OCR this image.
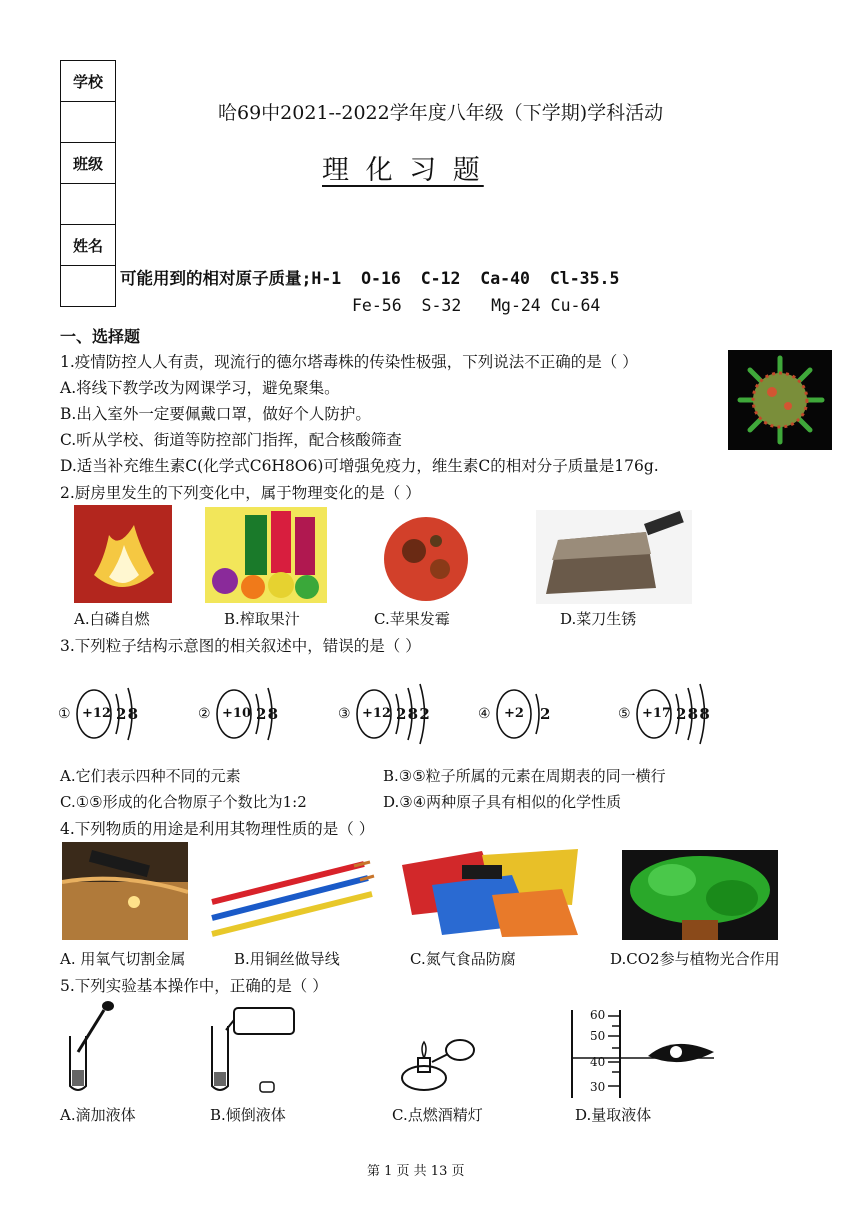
学校
班级
姓名
哈69中2021--2022学年度八年级（下学期)学科活动
理 化 习 题
可能用到的相对原子质量;H-1  O-16  C-12  Ca-40  Cl-35.5
Fe-56  S-32   Mg-24 Cu-64
一、选择题
1.疫情防控人人有责，现流行的德尔塔毒株的传染性极强，下列说法不正确的是（ ）
A.将线下教学改为网课学习，避免聚集。
B.出入室外一定要佩戴口罩，做好个人防护。
C.听从学校、街道等防控部门指挥，配合核酸筛查
D.适当补充维生素C(化学式C6H8O6)可增强免疫力，维生素C的相对分子质量是176g.
2.厨房里发生的下列变化中，属于物理变化的是（ ）
A.白磷自燃	B.榨取果汁	C.苹果发霉	D.菜刀生锈
3.下列粒子结构示意图的相关叙述中，错误的是（ ）
① +12 2 8	② +10 2 8	③ +12 2 8 2	④ +2 2	⑤ +17 2 8 8
A.它们表示四种不同的元素	B.③⑤粒子所属的元素在周期表的同一横行
C.①⑤形成的化合物原子个数比为1:2	D.③④两种原子具有相似的化学性质
4.下列物质的用途是利用其物理性质的是（ ）
A. 用氧气切割金属	B.用铜丝做导线	C.氮气食品防腐	D.CO2参与植物光合作用
5.下列实验基本操作中，正确的是（ ）
60
50
40
30
A.滴加液体	B.倾倒液体	C.点燃酒精灯	D.量取液体
第 1 页 共 13 页
